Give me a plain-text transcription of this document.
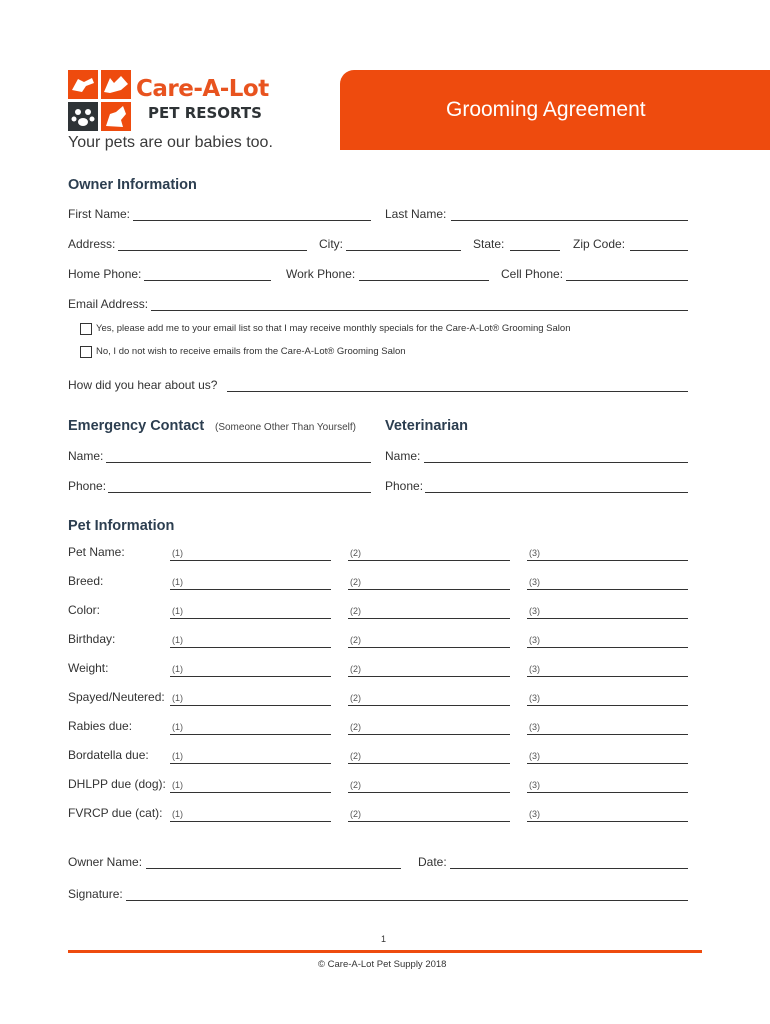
Care-A-Lot
PET RESORTS
Your pets are our babies too.
Grooming Agreement
Owner Information
First Name:	Last Name:
Address:	City:	State:	Zip Code:
Home Phone:	Work Phone:	Cell Phone:
Email Address:
Yes, please add me to your email list so that I may receive monthly specials for the Care-A-Lot® Grooming Salon
No, I do not wish to receive emails from the Care-A-Lot® Grooming Salon
How did you hear about us?
Emergency Contact (Someone Other Than Yourself) Veterinarian
Name:	Name:
Phone:	Phone:
Pet Information
Pet Name:	(1)	(2)	(3)
Breed:	(1)	(2)	(3)
Color:	(1)	(2)	(3)
Birthday:	(1)	(2)	(3)
Weight:	(1)	(2)	(3)
Spayed/Neutered: (1)	(2)	(3)
Rabies due:	(1)	(2)	(3)
Bordatella due:	(1)	(2)	(3)
DHLPP due (dog): (1)	(2)	(3)
FVRCP due (cat): (1)	(2)	(3)
Owner Name:	Date:
Signature:
1
© Care-A-Lot Pet Supply 2018
